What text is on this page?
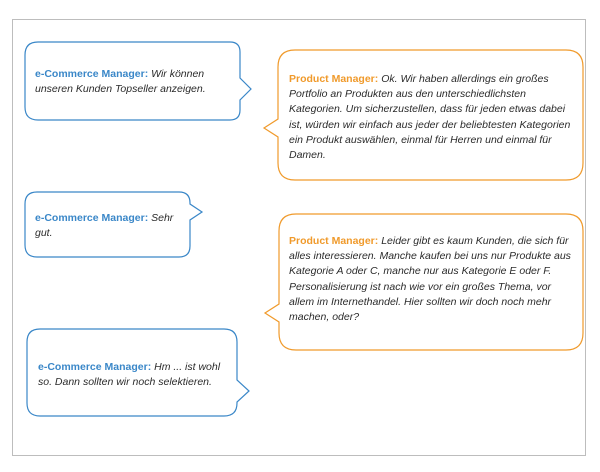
e-Commerce Manager: Wir können unseren Kunden Topseller anzeigen.
Product Manager: Ok. Wir haben allerdings ein großes Portfolio an Produkten aus den unterschiedlichsten Kategorien. Um sicherzustellen, dass für jeden etwas dabei ist, würden wir einfach aus jeder der beliebtesten Kategorien ein Produkt auswählen, einmal für Herren und einmal für Damen.
e-Commerce Manager: Sehr gut.
Product Manager: Leider gibt es kaum Kunden, die sich für alles interessieren. Manche kaufen bei uns nur Produkte aus Kategorie A oder C, manche nur aus Kategorie E oder F. Personalisierung ist nach wie vor ein großes Thema, vor allem im Internethandel. Hier sollten wir doch noch mehr machen, oder?
e-Commerce Manager: Hm ... ist wohl so. Dann sollten wir noch selektieren.
